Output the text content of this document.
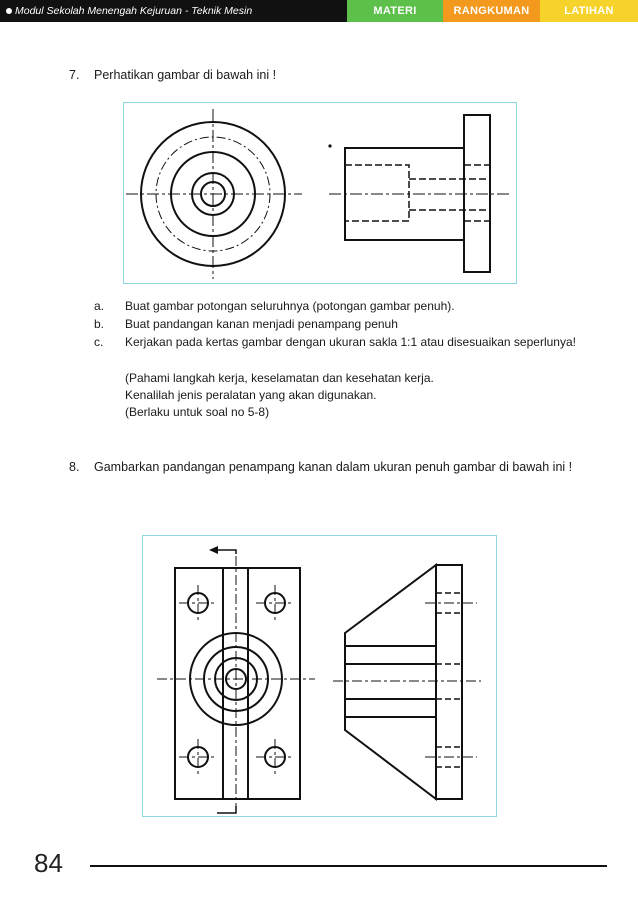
Modul Sekolah Menengah Kejuruan - Teknik Mesin	MATERI	RANGKUMAN	LATIHAN
7. Perhatikan gambar di bawah ini !
a. Buat gambar potongan seluruhnya (potongan gambar penuh).
b. Buat pandangan kanan menjadi penampang penuh
c. Kerjakan pada kertas gambar dengan ukuran sakla 1:1 atau disesuaikan seperlunya!
(Pahami langkah kerja, keselamatan dan kesehatan kerja.
Kenalilah jenis peralatan yang akan digunakan.
(Berlaku untuk soal no 5-8)
8. Gambarkan pandangan penampang kanan dalam ukuran penuh gambar di bawah ini !
84
